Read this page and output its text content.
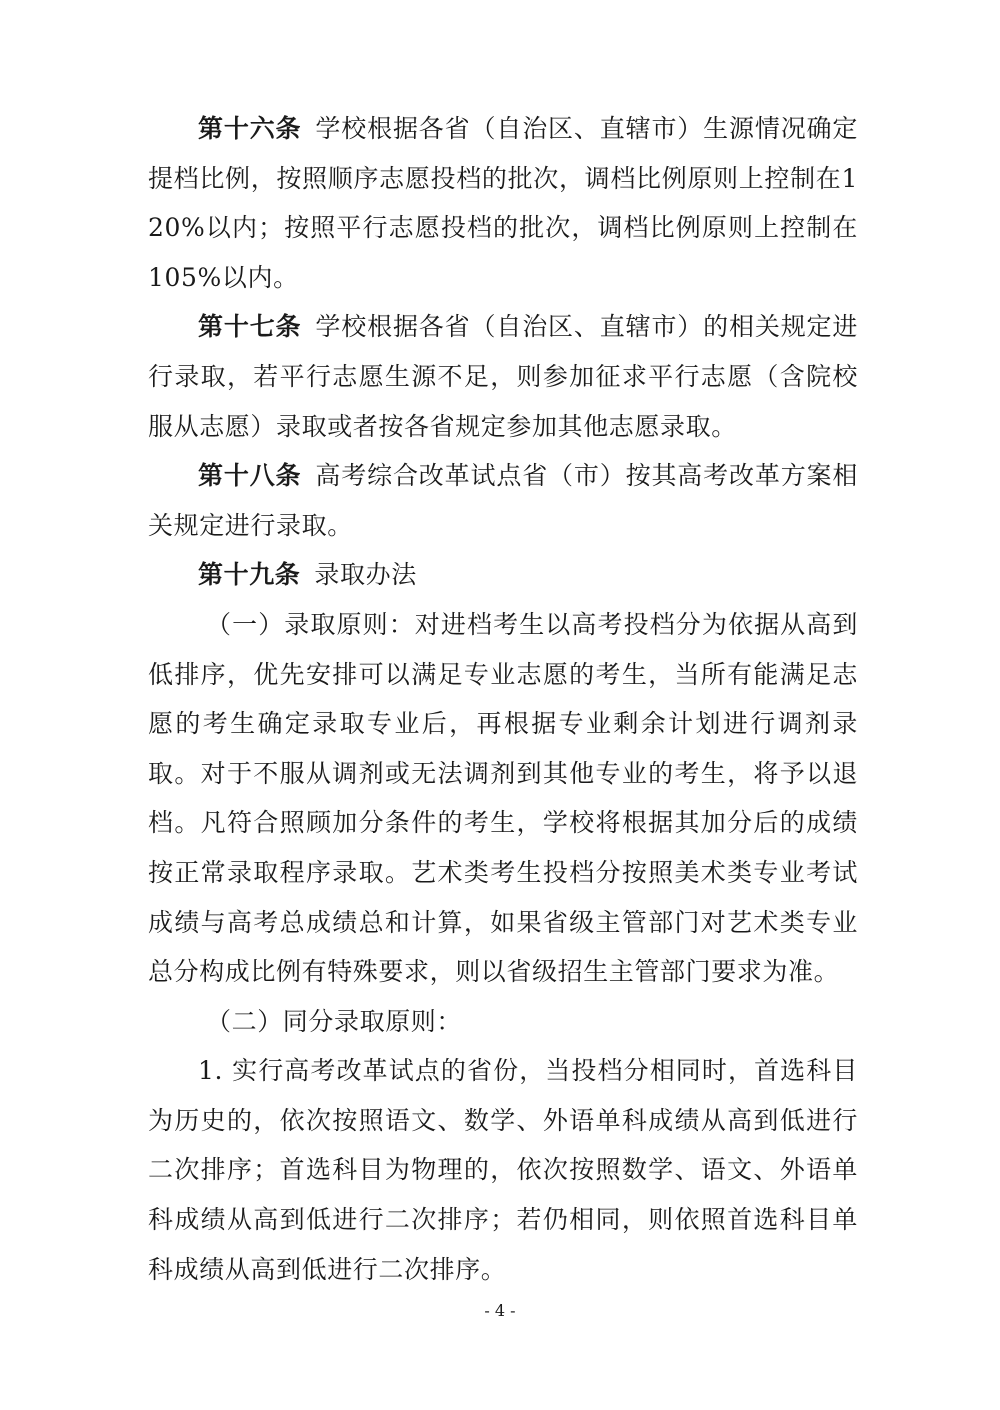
第十六条 学校根据各省（自治区、直辖市）生源情况确定提档比例，按照顺序志愿投档的批次，调档比例原则上控制在120%以内；按照平行志愿投档的批次，调档比例原则上控制在105%以内。

第十七条 学校根据各省（自治区、直辖市）的相关规定进行录取，若平行志愿生源不足，则参加征求平行志愿（含院校服从志愿）录取或者按各省规定参加其他志愿录取。

第十八条 高考综合改革试点省（市）按其高考改革方案相关规定进行录取。

第十九条 录取办法

（一）录取原则：对进档考生以高考投档分为依据从高到低排序，优先安排可以满足专业志愿的考生，当所有能满足志愿的考生确定录取专业后，再根据专业剩余计划进行调剂录取。对于不服从调剂或无法调剂到其他专业的考生，将予以退档。凡符合照顾加分条件的考生，学校将根据其加分后的成绩按正常录取程序录取。艺术类考生投档分按照美术类专业考试成绩与高考总成绩总和计算，如果省级主管部门对艺术类专业总分构成比例有特殊要求，则以省级招生主管部门要求为准。

（二）同分录取原则：

1. 实行高考改革试点的省份，当投档分相同时，首选科目为历史的，依次按照语文、数学、外语单科成绩从高到低进行二次排序；首选科目为物理的，依次按照数学、语文、外语单科成绩从高到低进行二次排序；若仍相同，则依照首选科目单科成绩从高到低进行二次排序。

- 4 -
